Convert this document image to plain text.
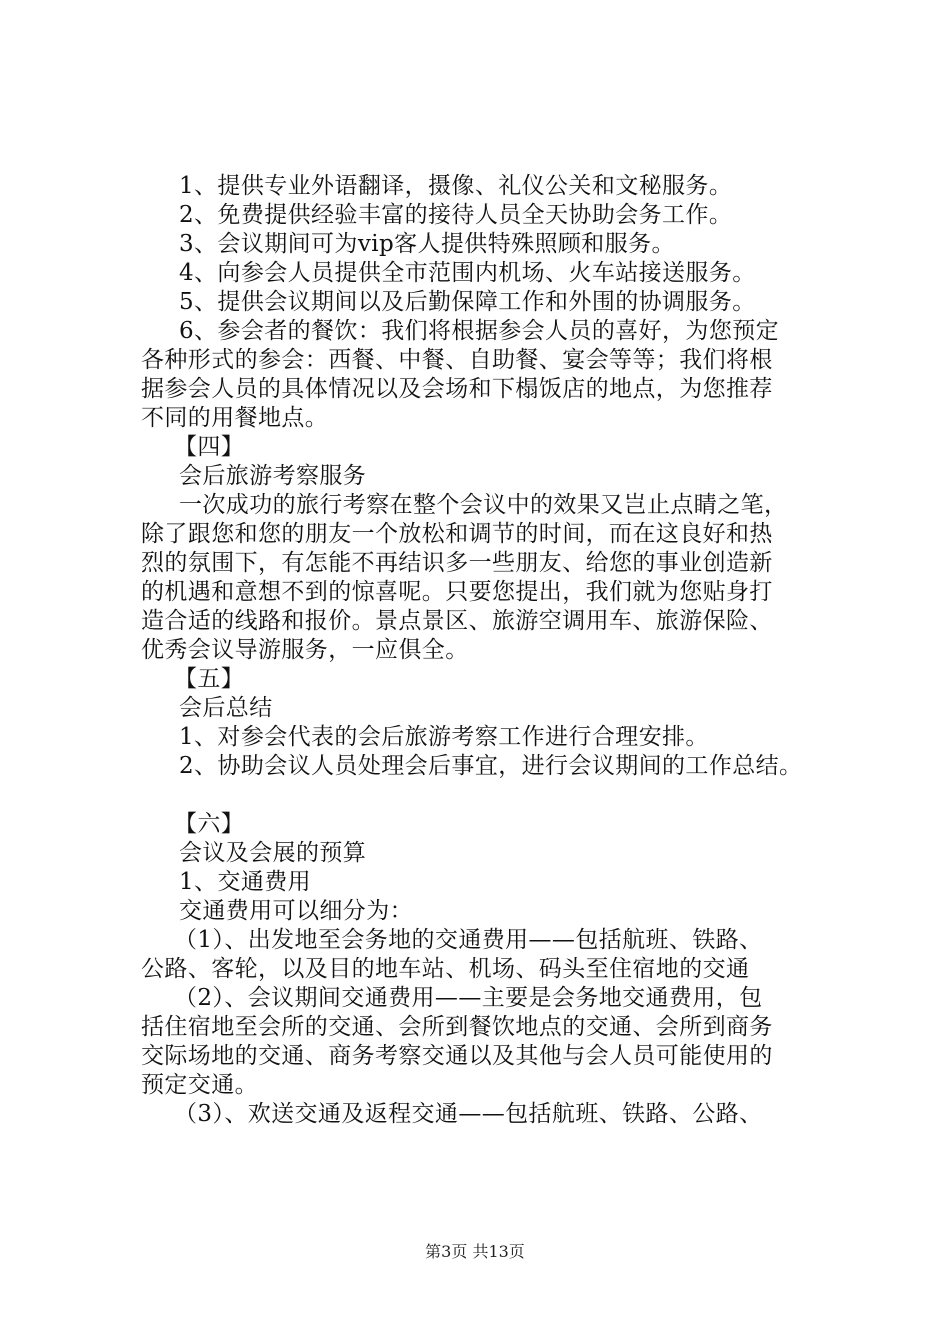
1、提供专业外语翻译，摄像、礼仪公关和文秘服务。
2、免费提供经验丰富的接待人员全天协助会务工作。
3、会议期间可为vip客人提供特殊照顾和服务。
4、向参会人员提供全市范围内机场、火车站接送服务。
5、提供会议期间以及后勤保障工作和外围的协调服务。
6、参会者的餐饮：我们将根据参会人员的喜好，为您预定
各种形式的参会：西餐、中餐、自助餐、宴会等等；我们将根
据参会人员的具体情况以及会场和下榻饭店的地点，为您推荐
不同的用餐地点。
【四】
会后旅游考察服务
一次成功的旅行考察在整个会议中的效果又岂止点睛之笔，
除了跟您和您的朋友一个放松和调节的时间，而在这良好和热
烈的氛围下，有怎能不再结识多一些朋友、给您的事业创造新
的机遇和意想不到的惊喜呢。只要您提出，我们就为您贴身打
造合适的线路和报价。景点景区、旅游空调用车、旅游保险、
优秀会议导游服务，一应俱全。
【五】
会后总结
1、对参会代表的会后旅游考察工作进行合理安排。
2、协助会议人员处理会后事宜，进行会议期间的工作总结。
【六】
会议及会展的预算
1、交通费用
交通费用可以细分为：
（1）、出发地至会务地的交通费用——包括航班、铁路、
公路、客轮，以及目的地车站、机场、码头至住宿地的交通
（2）、会议期间交通费用——主要是会务地交通费用，包
括住宿地至会所的交通、会所到餐饮地点的交通、会所到商务
交际场地的交通、商务考察交通以及其他与会人员可能使用的
预定交通。
（3）、欢送交通及返程交通——包括航班、铁路、公路、
第3页 共13页
